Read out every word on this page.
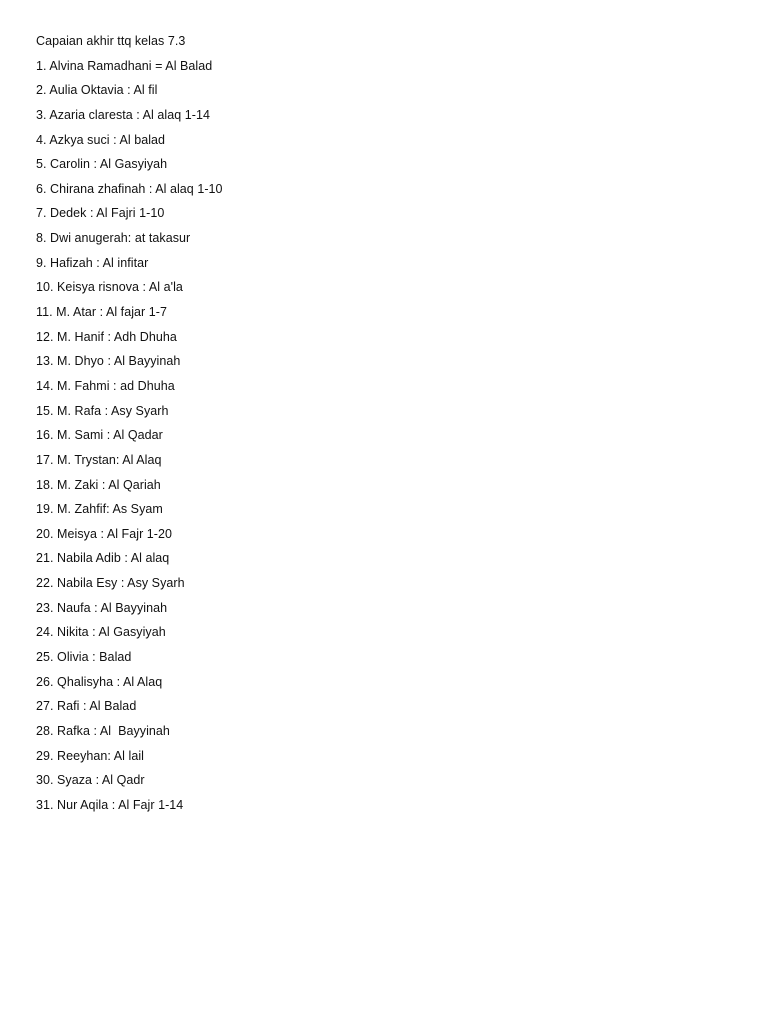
Capaian akhir ttq kelas 7.3
1. Alvina Ramadhani = Al Balad
2. Aulia Oktavia : Al fil
3. Azaria claresta : Al alaq 1-14
4. Azkya suci : Al balad
5. Carolin : Al Gasyiyah
6. Chirana zhafinah : Al alaq 1-10
7. Dedek : Al Fajri 1-10
8. Dwi anugerah: at takasur
9. Hafizah : Al infitar
10. Keisya risnova : Al a'la
11. M. Atar : Al fajar 1-7
12. M. Hanif : Adh Dhuha
13. M. Dhyo : Al Bayyinah
14. M. Fahmi : ad Dhuha
15. M. Rafa : Asy Syarh
16. M. Sami : Al Qadar
17. M. Trystan: Al Alaq
18. M. Zaki : Al Qariah
19. M. Zahfif: As Syam
20. Meisya : Al Fajr 1-20
21. Nabila Adib : Al alaq
22. Nabila Esy : Asy Syarh
23. Naufa : Al Bayyinah
24. Nikita : Al Gasyiyah
25. Olivia : Balad
26. Qhalisyha : Al Alaq
27. Rafi : Al Balad
28. Rafka : Al  Bayyinah
29. Reeyhan: Al lail
30. Syaza : Al Qadr
31. Nur Aqila : Al Fajr 1-14
